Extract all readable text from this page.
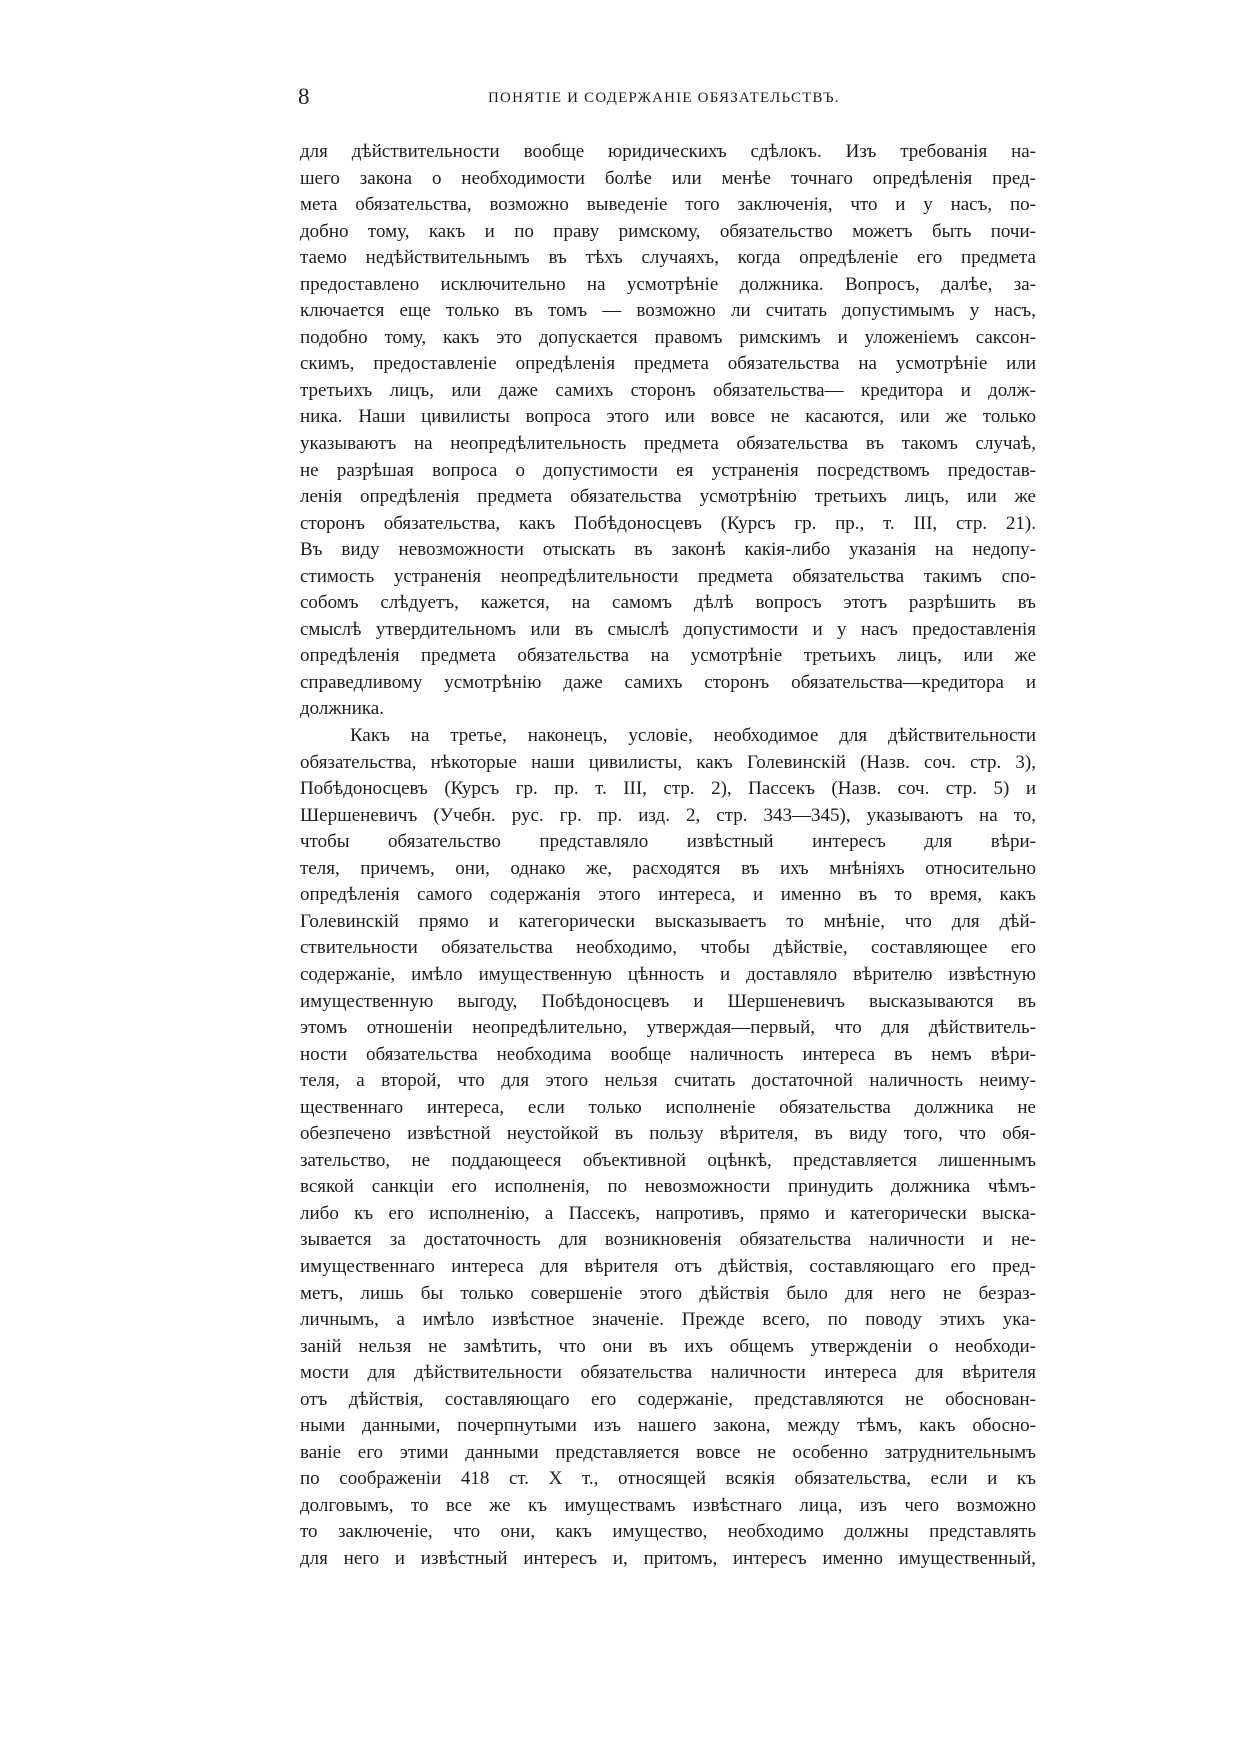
8	ПОНЯТІЕ И СОДЕРЖАНІЕ ОБЯЗАТЕЛЬСТВЪ.
для дѣйствительности вообще юридическихъ сдѣлокъ. Изъ требованія на-
шего закона о необходимости болѣе или менѣе точнаго опредѣленія пред-
мета обязательства, возможно выведеніе того заключенія, что и у насъ, по-
добно тому, какъ и по праву римскому, обязательство можетъ быть почи-
таемо недѣйствительнымъ въ тѣхъ случаяхъ, когда опредѣленіе его предмета
предоставлено исключительно на усмотрѣніе должника. Вопросъ, далѣе, за-
ключается еще только въ томъ — возможно ли считать допустимымъ у насъ,
подобно тому, какъ это допускается правомъ римскимъ и уложеніемъ саксон-
скимъ, предоставленіе опредѣленія предмета обязательства на усмотрѣніе или
третьихъ лицъ, или даже самихъ сторонъ обязательства— кредитора и долж-
ника. Наши цивилисты вопроса этого или вовсе не касаются, или же только
указываютъ на неопредѣлительность предмета обязательства въ такомъ случаѣ,
не разрѣшая вопроса о допустимости ея устраненія посредствомъ предостав-
ленія опредѣленія предмета обязательства усмотрѣнію третьихъ лицъ, или же
сторонъ обязательства, какъ Побѣдоносцевъ (Курсъ гр. пр., т. III, стр. 21).
Въ виду невозможности отыскать въ законѣ какія-либо указанія на недопу-
стимость устраненія неопредѣлительности предмета обязательства такимъ спо-
собомъ слѣдуетъ, кажется, на самомъ дѣлѣ вопросъ этотъ разрѣшить въ
смыслѣ утвердительномъ или въ смыслѣ допустимости и у насъ предоставленія
опредѣленія предмета обязательства на усмотрѣніе третьихъ лицъ, или же
справедливому усмотрѣнію даже самихъ сторонъ обязательства—кредитора и
должника.
Какъ на третье, наконецъ, условіе, необходимое для дѣйствительности
обязательства, нѣкоторые наши цивилисты, какъ Голевинскій (Назв. соч. стр. 3),
Побѣдоносцевъ (Курсъ гр. пр. т. III, стр. 2), Пассекъ (Назв. соч. стр. 5) и
Шершеневичъ (Учебн. рус. гр. пр. изд. 2, стр. 343—345), указываютъ на то,
чтобы обязательство представляло извѣстный интересъ для вѣри-
теля, причемъ, они, однако же, расходятся въ ихъ мнѣніяхъ относительно
опредѣленія самого содержанія этого интереса, и именно въ то время, какъ
Голевинскій прямо и категорически высказываетъ то мнѣніе, что для дѣй-
ствительности обязательства необходимо, чтобы дѣйствіе, составляющее его
содержаніе, имѣло имущественную цѣнность и доставляло вѣрителю извѣстную
имущественную выгоду, Побѣдоносцевъ и Шершеневичъ высказываются въ
этомъ отношеніи неопредѣлительно, утверждая—первый, что для дѣйствитель-
ности обязательства необходима вообще наличность интереса въ немъ вѣри-
теля, а второй, что для этого нельзя считать достаточной наличность неиму-
щественнаго интереса, если только исполненіе обязательства должника не
обезпечено извѣстной неустойкой въ пользу вѣрителя, въ виду того, что обя-
зательство, не поддающееся объективной оцѣнкѣ, представляется лишеннымъ
всякой санкціи его исполненія, по невозможности принудить должника чѣмъ-
либо къ его исполненію, а Пассекъ, напротивъ, прямо и категорически выска-
зывается за достаточность для возникновенія обязательства наличности и не-
имущественнаго интереса для вѣрителя отъ дѣйствія, составляющаго его пред-
метъ, лишь бы только совершеніе этого дѣйствія было для него не безраз-
личнымъ, а имѣло извѣстное значеніе. Прежде всего, по поводу этихъ ука-
заній нельзя не замѣтить, что они въ ихъ общемъ утвержденіи о необходи-
мости для дѣйствительности обязательства наличности интереса для вѣрителя
отъ дѣйствія, составляющаго его содержаніе, представляются не обоснован-
ными данными, почерпнутыми изъ нашего закона, между тѣмъ, какъ обосно-
ваніе его этими данными представляется вовсе не особенно затруднительнымъ
по соображеніи 418 ст. X т., относящей всякія обязательства, если и къ
долговымъ, то все же къ имуществамъ извѣстнаго лица, изъ чего возможно
то заключеніе, что они, какъ имущество, необходимо должны представлять
для него и извѣстный интересъ и, притомъ, интересъ именно имущественный,
